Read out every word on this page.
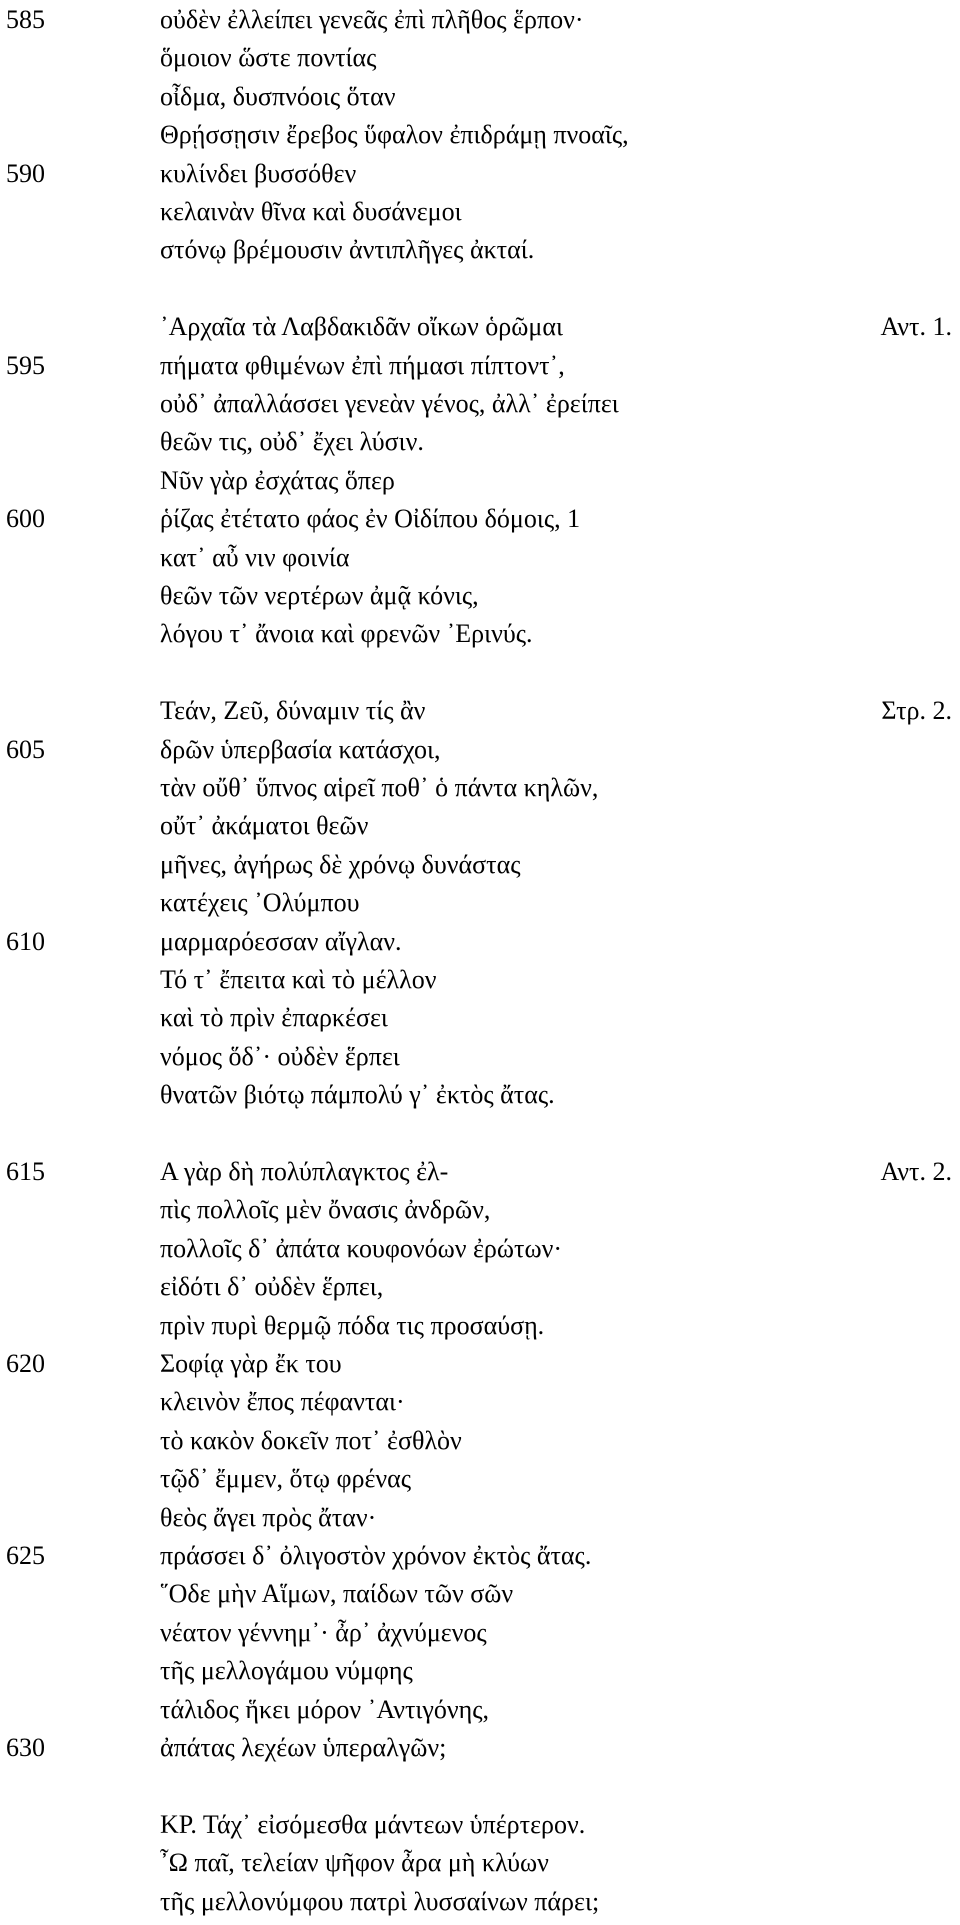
585	οὐδὲν ἐλλείπει γενεᾶς ἐπὶ πλῆθος ἕρπον·
ὅμοιον ὥστε ποντίας
οἶδμα, δυσπνόοις ὅταν
Θρῄσσῃσιν ἔρεβος ὕφαλον ἐπιδράμῃ πνοαῖς,
590	κυλίνδει βυσσόθεν
κελαινὰν θῖνα καὶ δυσάνεμοι
στόνῳ βρέμουσιν ἀντιπλῆγες ἀκταί.
᾿Αρχαῖα τὰ Λαβδακιδᾶν οἴκων ὁρῶμαι	Αντ. 1.
595	πήματα φθιμένων ἐπὶ πήμασι πίπτοντ᾿,
οὐδ᾿ ἀπαλλάσσει γενεὰν γένος, ἀλλ᾿ ἐρείπει
θεῶν τις, οὐδ᾿ ἔχει λύσιν.
Νῦν γὰρ ἐσχάτας ὅπερ
600	ῥίζας ἐτέτατο φάος ἐν Οἰδίπου δόμοις, 1
κατ᾿ αὖ νιν φοινία
θεῶν τῶν νερτέρων ἀμᾷ κόνις,
λόγου τ᾿ ἄνοια καὶ φρενῶν ᾿Ερινύς.
Τεάν, Ζεῦ, δύναμιν τίς ἂν	Στρ. 2.
605	δρῶν ὑπερβασία κατάσχοι,
τὰν οὔθ᾿ ὕπνος αἱρεῖ ποθ᾿ ὁ πάντα κηλῶν,
οὔτ᾿ ἀκάματοι θεῶν
μῆνες, ἀγήρως δὲ χρόνῳ δυνάστας
κατέχεις ᾿Ολύμπου
610	μαρμαρόεσσαν αἴγλαν.
Τό τ᾿ ἔπειτα καὶ τὸ μέλλον
καὶ τὸ πρὶν ἐπαρκέσει
νόμος ὅδ᾿· οὐδὲν ἕρπει
θνατῶν βιότῳ πάμπολύ γ᾿ ἐκτὸς ἄτας.
615	Α γὰρ δὴ πολύπλαγκτος ἐλ-	Αντ. 2.
πὶς πολλοῖς μὲν ὄνασις ἀνδρῶν,
πολλοῖς δ᾿ ἀπάτα κουφονόων ἐρώτων·
εἰδότι δ᾿ οὐδὲν ἕρπει,
πρὶν πυρὶ θερμῷ πόδα τις προσαύσῃ.
620	Σοφίᾳ γὰρ ἔκ του
κλεινὸν ἔπος πέφανται·
τὸ κακὸν δοκεῖν ποτ᾿ ἐσθλὸν
τῷδ᾿ ἔμμεν, ὅτῳ φρένας
θεὸς ἄγει πρὸς ἄταν·
625	πράσσει δ᾿ ὀλιγοστὸν χρόνον ἐκτὸς ἄτας.
῞Οδε μὴν Αἵμων, παίδων τῶν σῶν
νέατον γέννημ᾿· ἆρ᾿ ἀχνύμενος
τῆς μελλογάμου νύμφης
τάλιδος ἥκει μόρον ᾿Αντιγόνης,
630	ἀπάτας λεχέων ὑπεραλγῶν;
ΚΡ. Τάχ᾿ εἰσόμεσθα μάντεων ὑπέρτερον.
῏Ω παῖ, τελείαν ψῆφον ἆρα μὴ κλύων
τῆς μελλονύμφου πατρὶ λυσσαίνων πάρει;
